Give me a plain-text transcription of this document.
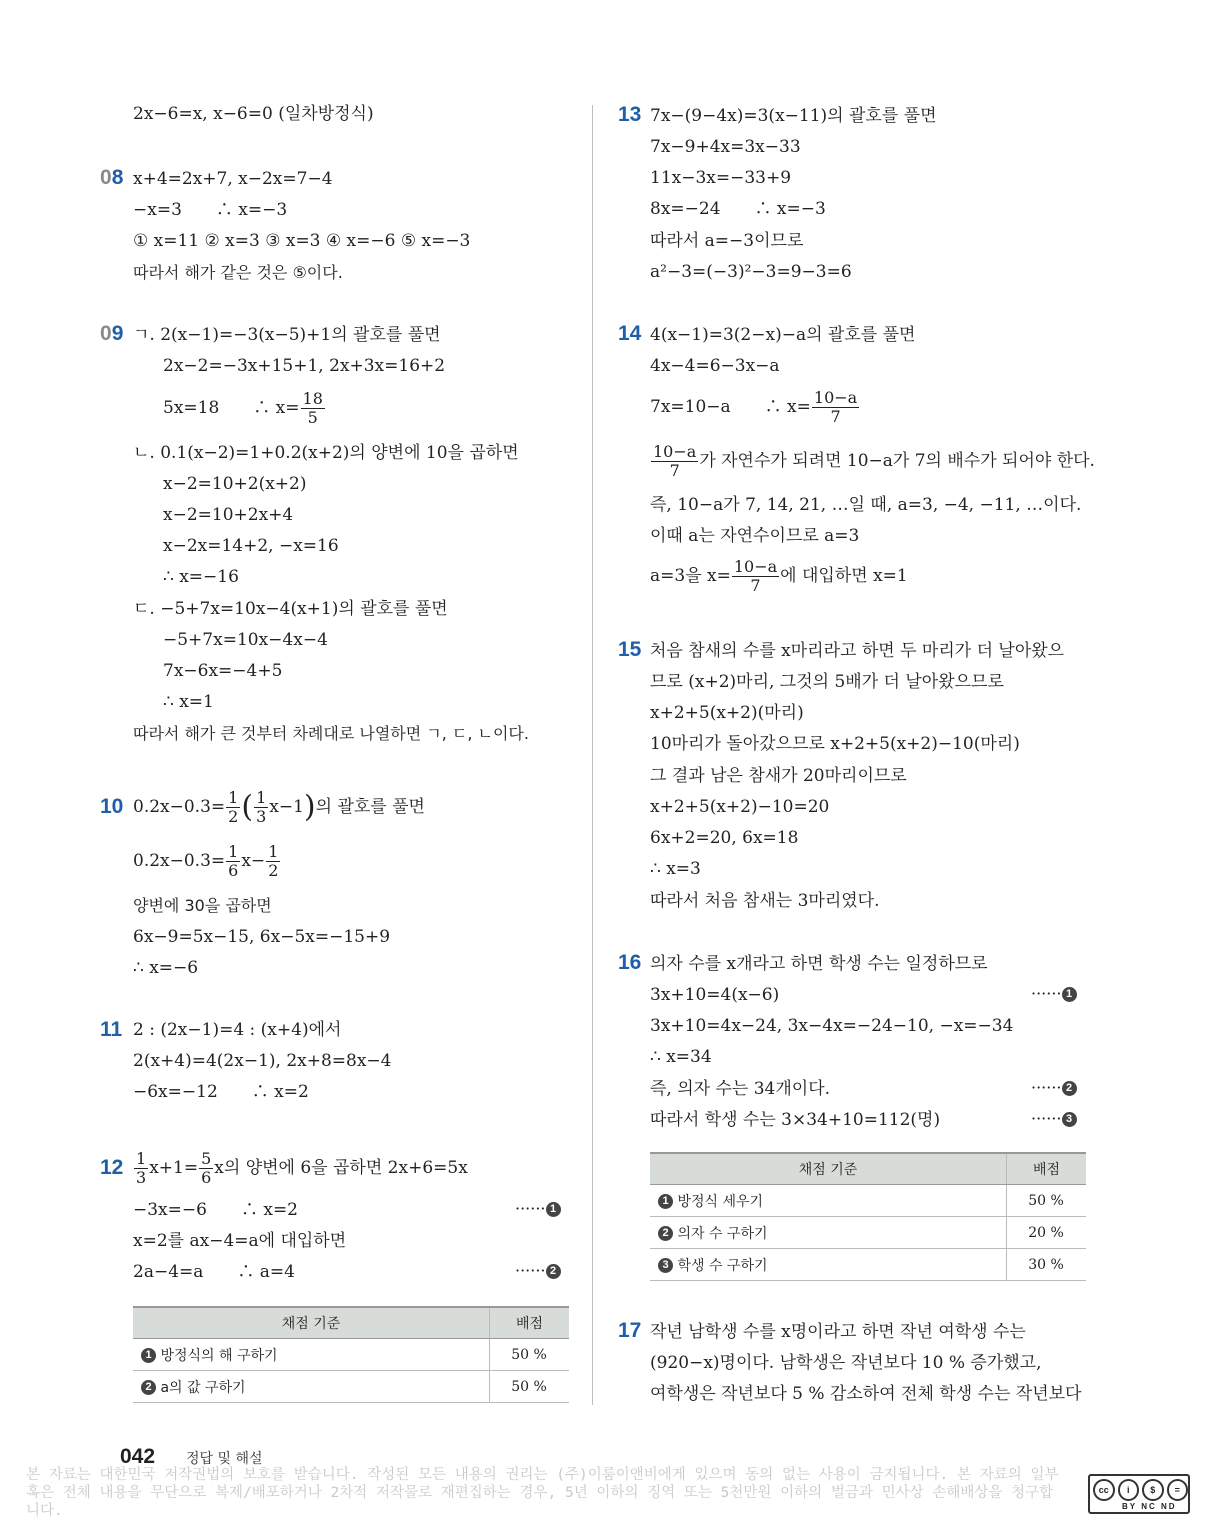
2x−6=x, x−6=0 (일차방정식)
08 x+4=2x+7, x−2x=7−4
−x=3　　∴ x=−3
① x=11 ② x=3 ③ x=3 ④ x=−6 ⑤ x=−3
따라서 해가 같은 것은 ⑤이다.
09 ㄱ. 2(x−1)=−3(x−5)+1의 괄호를 풀면
2x−2=−3x+15+1, 2x+3x=16+2
5x=18　　∴ $x= \frac{18}{5}$
ㄴ. 0.1(x−2)=1+0.2(x+2)의 양변에 10을 곱하면
x−2=10+2(x+2)
x−2=10+2x+4
x−2x=14+2, −x=16
∴ x=−16
ㄷ. −5+7x=10x−4(x+1)의 괄호를 풀면
−5+7x=10x−4x−4
7x−6x=−4+5
∴ x=1
따라서 해가 큰 것부터 차례대로 나열하면 ㄱ, ㄷ, ㄴ이다.
10 $0.2x-0.3= \frac{1}{2}$ ( $\frac{1}{3} x-1$)의 괄호를 풀면
$0.2x-0.3= \frac{1}{6} x- \frac{1}{2}$
양변에 30을 곱하면
6x−9=5x−15, 6x−5x=−15+9
∴ x=−6
11 2 : (2x−1)=4 : (x+4)에서
2(x+4)=4(2x−1), 2x+8=8x−4
−6x=−12　　∴ x=2
$12 \frac{1}{3} x+1= \frac{5}{6}$ x의 양변에 6을 곱하면 2x+6=5x
−3x=−6　　∴ x=2	······ 1
x=2를 ax−4=a에 대입하면
2a−4=a　　∴ a=4	······ 2
채점 기준	배점
1 방정식의 해 구하기	50 %
2 a의 값 구하기	50 %
13 7x−(9−4x)=3(x−11)의 괄호를 풀면
7x−9+4x=3x−33
11x−3x=−33+9
8x=−24　　∴ x=−3
따라서 a=−3이므로
a²−3=(−3)²−3=9−3=6
14 4(x−1)=3(2−x)−a의 괄호를 풀면
4x−4=6−3x−a
7x=10−a　　∴ $x= \frac{10-a}{7}$
$\frac{10-a}{7}$ 가 자연수가 되려면 10−a가 7의 배수가 되어야 한다.
즉, 10−a가 7, 14, 21, …일 때, a=3, −4, −11, …이다.
이때 a는 자연수이므로 a=3
a=3을 $x= \frac{10-a}{7}$ 에 대입하면 x=1
15 처음 참새의 수를 x마리라고 하면 두 마리가 더 날아왔으
므로 (x+2)마리, 그것의 5배가 더 날아왔으므로
x+2+5(x+2)(마리)
10마리가 돌아갔으므로 x+2+5(x+2)−10(마리)
그 결과 남은 참새가 20마리이므로
x+2+5(x+2)−10=20
6x+2=20, 6x=18
∴ x=3
따라서 처음 참새는 3마리였다.
16 의자 수를 x개라고 하면 학생 수는 일정하므로
3x+10=4(x−6)	······ 1
3x+10=4x−24, 3x−4x=−24−10, −x=−34
∴ x=34
즉, 의자 수는 34개이다.	······ 2
따라서 학생 수는 3×34+10=112(명)	······ 3
채점 기준	배점
1 방정식 세우기	50 %
2 의자 수 구하기	20 %
3 학생 수 구하기	30 %
17 작년 남학생 수를 x명이라고 하면 작년 여학생 수는
(920−x)명이다. 남학생은 작년보다 10 % 증가했고,
여학생은 작년보다 5 % 감소하여 전체 학생 수는 작년보다
042 정답 및 해설
본 자료는 대한민국 저작권법의 보호를 받습니다. 작성된 모든 내용의 권리는 (주)이룸이앤비에게 있으며 동의 없는 사용이 금지됩니다. 본 자료의 일부 혹은 전체 내용을 무단으로 복제/배포하거나 2차적 저작물로 재편집하는 경우, 5년 이하의 징역 또는 5천만원 이하의 벌금과 민사상 손해배상을 청구합니다.
cc	i	$	=
BY NC ND
